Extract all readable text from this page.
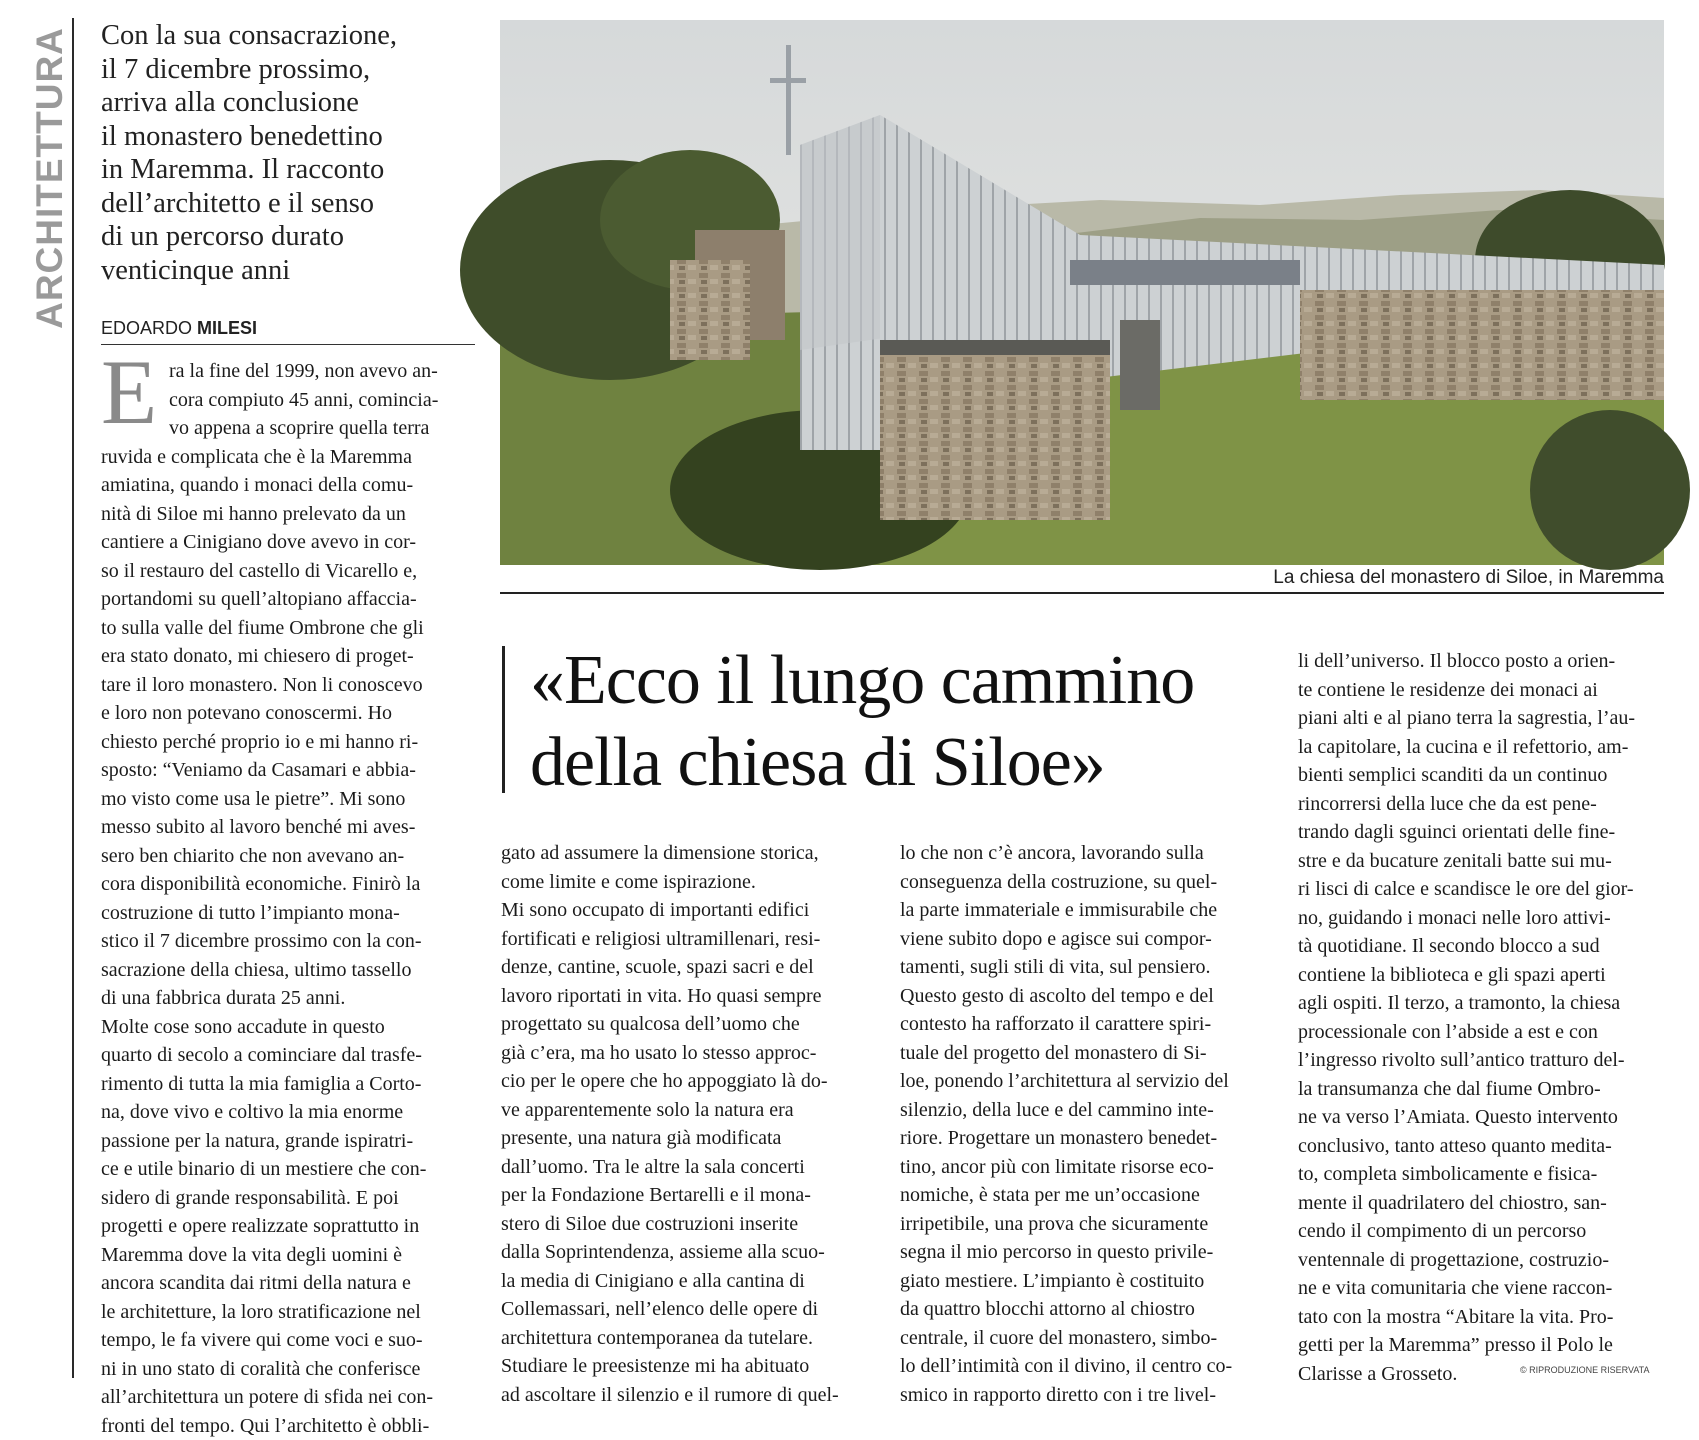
ARCHITETTURA Con la sua consacrazione,
il 7 dicembre prossimo,
arriva alla conclusione
il monastero benedettino
in Maremma. Il racconto
dell’architetto e il senso
di un percorso durato
venticinque anni
EDOARDO MILESI
E ra la fine del 1999, non avevo an-
cora compiuto 45 anni, comincia-
vo appena a scoprire quella terra
ruvida e complicata che è la Maremma
amiatina, quando i monaci della comu-
nità di Siloe mi hanno prelevato da un
cantiere a Cinigiano dove avevo in cor-
so il restauro del castello di Vicarello e,
portandomi su quell’altopiano affaccia-
to sulla valle del fiume Ombrone che gli
era stato donato, mi chiesero di proget-
tare il loro monastero. Non li conoscevo
e loro non potevano conoscermi. Ho
chiesto perché proprio io e mi hanno ri-
sposto: “Veniamo da Casamari e abbia-
mo visto come usa le pietre”. Mi sono
messo subito al lavoro benché mi aves-
sero ben chiarito che non avevano an-
cora disponibilità economiche. Finirò la
costruzione di tutto l’impianto mona-
stico il 7 dicembre prossimo con la con-
sacrazione della chiesa, ultimo tassello
di una fabbrica durata 25 anni.
Molte cose sono accadute in questo
quarto di secolo a cominciare dal trasfe-
rimento di tutta la mia famiglia a Corto-
na, dove vivo e coltivo la mia enorme
passione per la natura, grande ispiratri-
ce e utile binario di un mestiere che con-
sidero di grande responsabilità. E poi
progetti e opere realizzate soprattutto in
Maremma dove la vita degli uomini è
ancora scandita dai ritmi della natura e
le architetture, la loro stratificazione nel
tempo, le fa vivere qui come voci e suo-
ni in uno stato di coralità che conferisce
all’architettura un potere di sfida nei con-
fronti del tempo. Qui l’architetto è obbli-
gato ad assumere la dimensione storica,
come limite e come ispirazione.
Mi sono occupato di importanti edifici
fortificati e religiosi ultramillenari, resi-
denze, cantine, scuole, spazi sacri e del
lavoro riportati in vita. Ho quasi sempre
progettato su qualcosa dell’uomo che
già c’era, ma ho usato lo stesso approc-
cio per le opere che ho appoggiato là do-
ve apparentemente solo la natura era
presente, una natura già modificata
dall’uomo. Tra le altre la sala concerti
per la Fondazione Bertarelli e il mona-
stero di Siloe due costruzioni inserite
dalla Soprintendenza, assieme alla scuo-
la media di Cinigiano e alla cantina di
Collemassari, nell’elenco delle opere di
architettura contemporanea da tutelare.
Studiare le preesistenze mi ha abituato
ad ascoltare il silenzio e il rumore di quel-
lo che non c’è ancora, lavorando sulla
conseguenza della costruzione, su quel-
la parte immateriale e immisurabile che
viene subito dopo e agisce sui compor-
tamenti, sugli stili di vita, sul pensiero.
Questo gesto di ascolto del tempo e del
contesto ha rafforzato il carattere spiri-
tuale del progetto del monastero di Si-
loe, ponendo l’architettura al servizio del
silenzio, della luce e del cammino inte-
riore. Progettare un monastero benedet-
tino, ancor più con limitate risorse eco-
nomiche, è stata per me un’occasione
irripetibile, una prova che sicuramente
segna il mio percorso in questo privile-
giato mestiere. L’impianto è costituito
da quattro blocchi attorno al chiostro
centrale, il cuore del monastero, simbo-
lo dell’intimità con il divino, il centro co-
smico in rapporto diretto con i tre livel-
li dell’universo. Il blocco posto a orien-
te contiene le residenze dei monaci ai
piani alti e al piano terra la sagrestia, l’au-
la capitolare, la cucina e il refettorio, am-
bienti semplici scanditi da un continuo
rincorrersi della luce che da est pene-
trando dagli sguinci orientati delle fine-
stre e da bucature zenitali batte sui mu-
ri lisci di calce e scandisce le ore del gior-
no, guidando i monaci nelle loro attivi-
tà quotidiane. Il secondo blocco a sud
contiene la biblioteca e gli spazi aperti
agli ospiti. Il terzo, a tramonto, la chiesa
processionale con l’abside a est e con
l’ingresso rivolto sull’antico tratturo del-
la transumanza che dal fiume Ombro-
ne va verso l’Amiata. Questo intervento
conclusivo, tanto atteso quanto medita-
to, completa simbolicamente e fisica-
mente il quadrilatero del chiostro, san-
cendo il compimento di un percorso
ventennale di progettazione, costruzio-
ne e vita comunitaria che viene raccon-
tato con la mostra “Abitare la vita. Pro-
getti per la Maremma” presso il Polo le
Clarisse a Grosseto.
La chiesa del monastero di Siloe, in Maremma
«Ecco il lungo cammino
della chiesa di Siloe»
© RIPRODUZIONE RISERVATA
